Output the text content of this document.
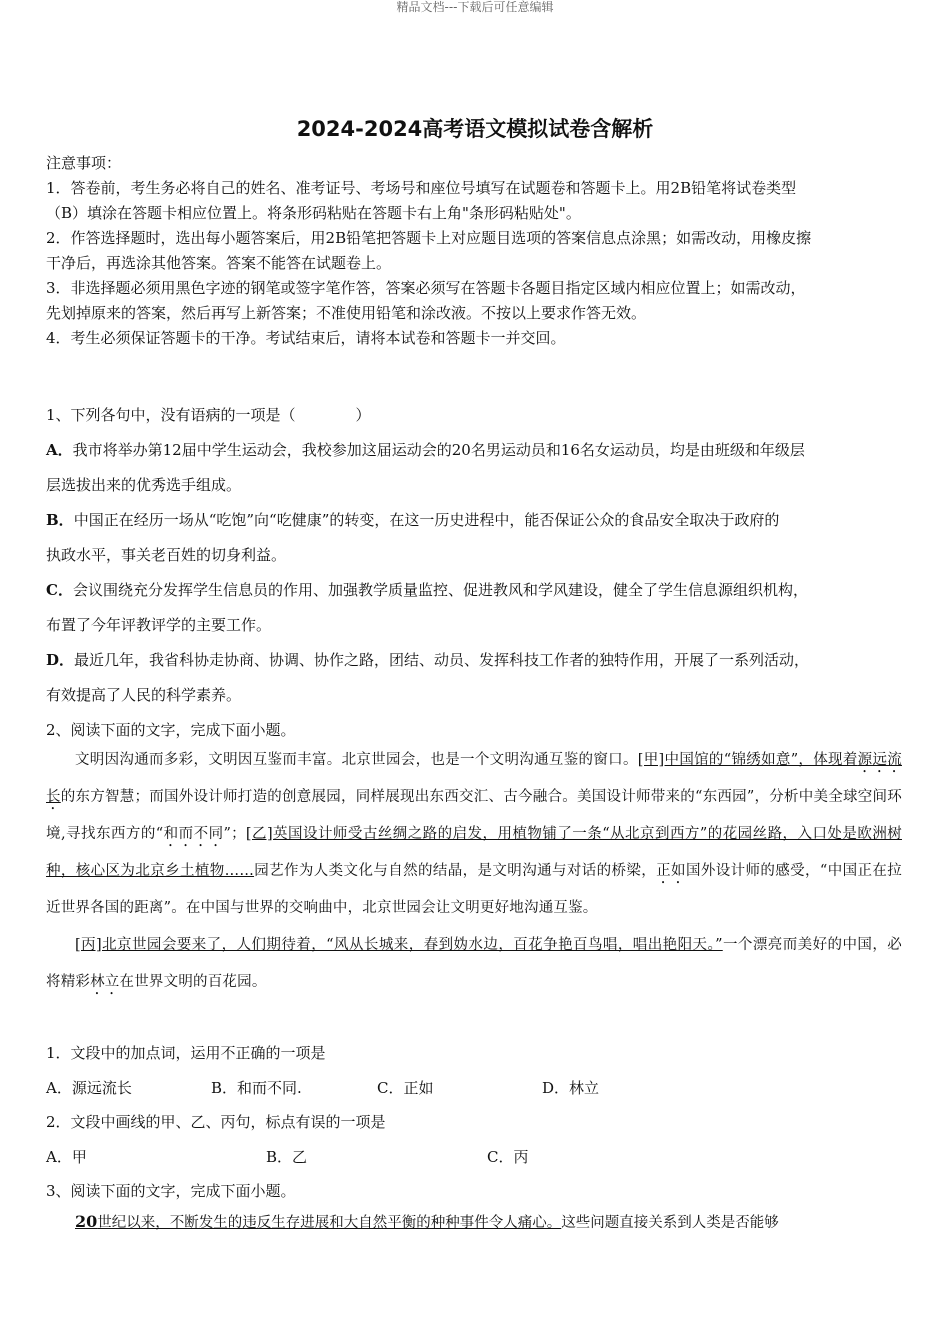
精品文档---下载后可任意编辑
2024-2024高考语文模拟试卷含解析
注意事项：
1．答卷前，考生务必将自己的姓名、准考证号、考场号和座位号填写在试题卷和答题卡上。用2B铅笔将试卷类型
（B）填涂在答题卡相应位置上。将条形码粘贴在答题卡右上角"条形码粘贴处"。
2．作答选择题时，选出每小题答案后，用2B铅笔把答题卡上对应题目选项的答案信息点涂黑；如需改动，用橡皮擦
干净后，再选涂其他答案。答案不能答在试题卷上。
3．非选择题必须用黑色字迹的钢笔或签字笔作答，答案必须写在答题卡各题目指定区域内相应位置上；如需改动，
先划掉原来的答案，然后再写上新答案；不准使用铅笔和涂改液。不按以上要求作答无效。
4．考生必须保证答题卡的干净。考试结束后，请将本试卷和答题卡一并交回。
1、下列各句中，没有语病的一项是（　　　　）
A．我市将举办第12届中学生运动会，我校参加这届运动会的20名男运动员和16名女运动员，均是由班级和年级层
层选拔出来的优秀选手组成。
B．中国正在经历一场从“吃饱”向“吃健康”的转变，在这一历史进程中，能否保证公众的食品安全取决于政府的
执政水平，事关老百姓的切身利益。
C．会议围绕充分发挥学生信息员的作用、加强教学质量监控、促进教风和学风建设，健全了学生信息源组织机构，
布置了今年评教评学的主要工作。
D．最近几年，我省科协走协商、协调、协作之路，团结、动员、发挥科技工作者的独特作用，开展了一系列活动，
有效提高了人民的科学素养。
2、阅读下面的文字，完成下面小题。

文明因沟通而多彩，文明因互鉴而丰富。北京世园会，也是一个文明沟通互鉴的窗口。[甲]中国馆的“锦绣如意”，体现着源远流长的东方智慧；而国外设计师打造的创意展园，同样展现出东西交汇、古今融合。美国设计师带来的“东西园”，分析中美全球空间环境,寻找东西方的“和而不同”；[乙]英国设计师受古丝绸之路的启发，用植物铺了一条“从北京到西方”的花园丝路，入口处是欧洲树种，核心区为北京乡土植物……园艺作为人类文化与自然的结晶，是文明沟通与对话的桥梁，正如国外设计师的感受，“中国正在拉近世界各国的距离”。在中国与世界的交响曲中，北京世园会让文明更好地沟通互鉴。

[丙]北京世园会要来了，人们期待着，“风从长城来，春到妫水边，百花争艳百鸟唱，唱出艳阳天。”一个漂亮而美好的中国，必将精彩林立在世界文明的百花园。

1．文段中的加点词，运用不正确的一项是
A．源远流长	B．和而不同.	C．正如	D．林立
2．文段中画线的甲、乙、丙句，标点有误的一项是
A．甲	B．乙	C．丙
3、阅读下面的文字，完成下面小题。

20世纪以来，不断发生的违反生存进展和大自然平衡的种种事件令人痛心。这些问题直接关系到人类是否能够
